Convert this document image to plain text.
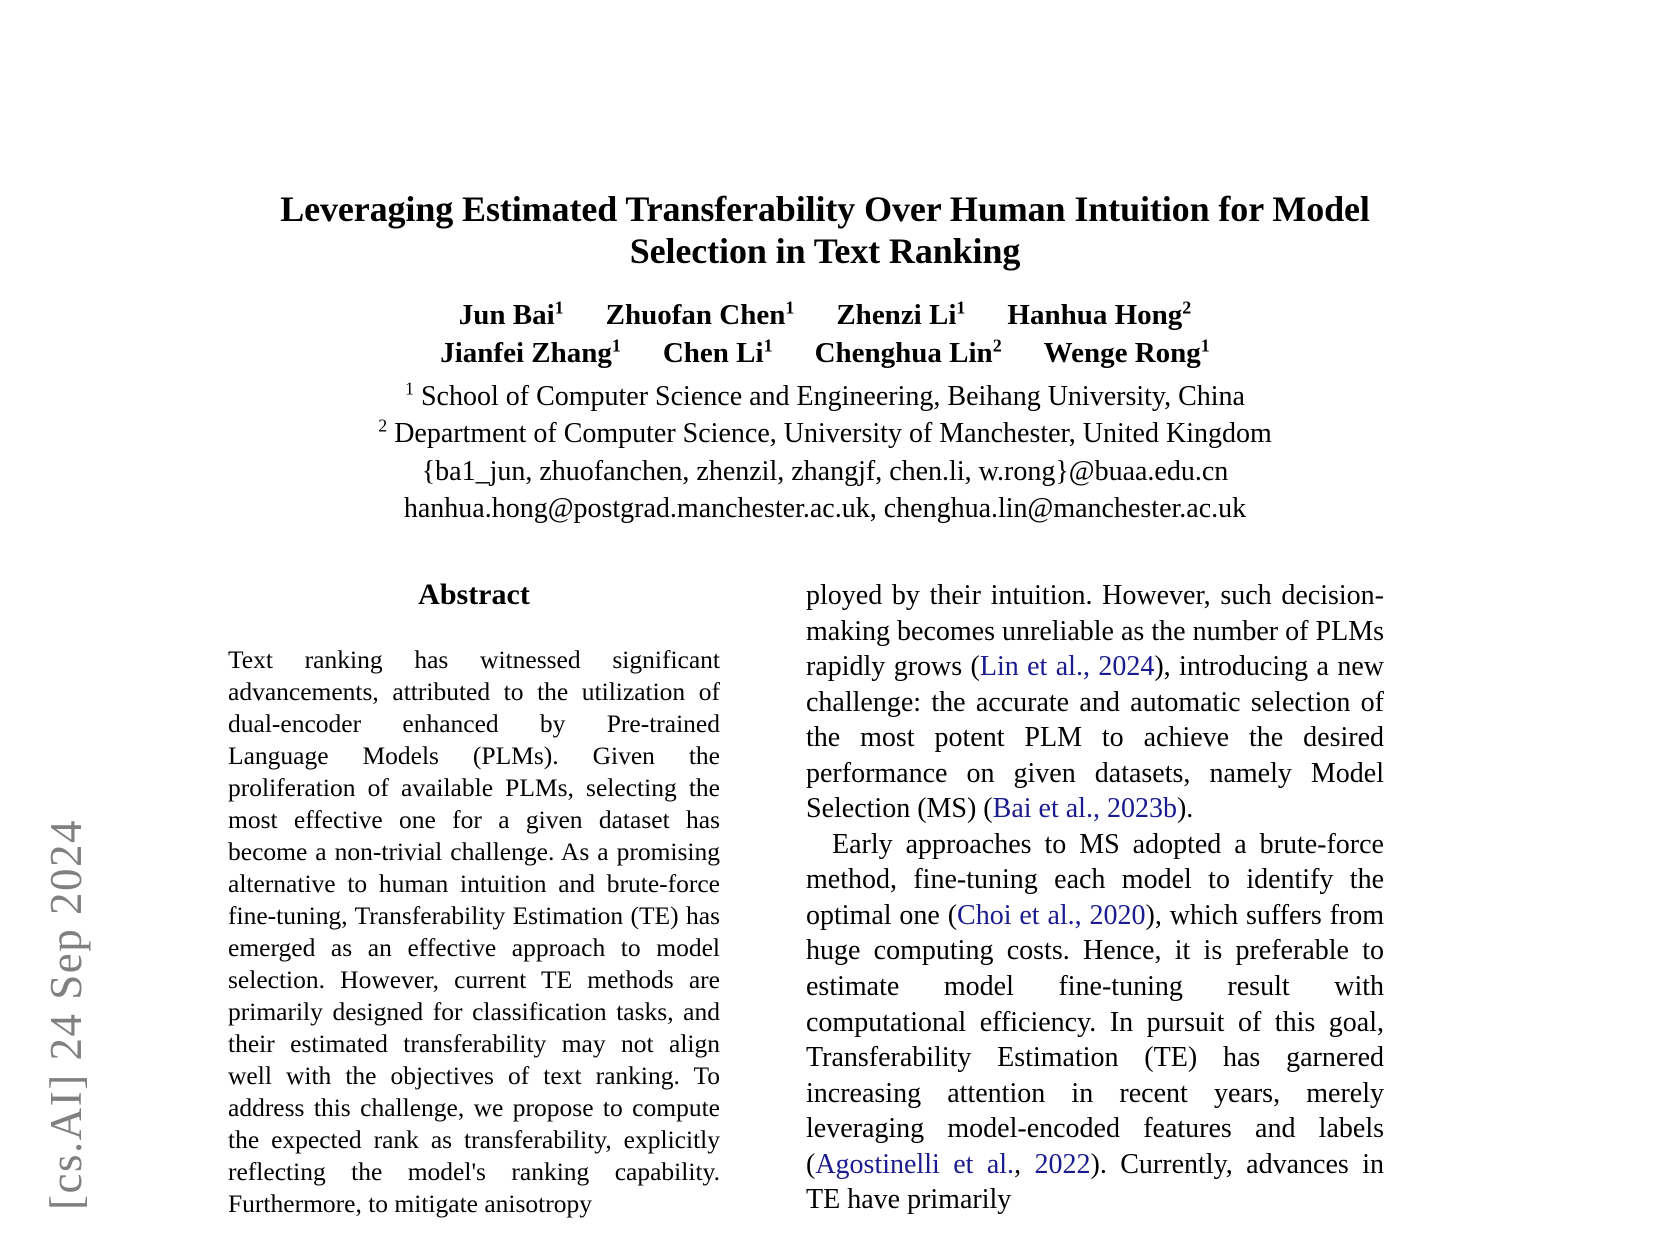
[cs.AI] 24 Sep 2024
Leveraging Estimated Transferability Over Human Intuition for Model Selection in Text Ranking
Jun Bai$^1$ Zhuofan Chen$^1$ Zhenzi Li$^1$ Hanhua Hong$^2$
Jianfei Zhang$^1$ Chen Li$^1$ Chenghua Lin$^2$ Wenge Rong$^1$
$^1$ School of Computer Science and Engineering, Beihang University, China
$^2$ Department of Computer Science, University of Manchester, United Kingdom
{ba1_jun, zhuofanchen, zhenzil, zhangjf, chen.li, w.rong}@buaa.edu.cn
hanhua.hong@postgrad.manchester.ac.uk, chenghua.lin@manchester.ac.uk
Abstract

Text ranking has witnessed significant advancements, attributed to the utilization of dual-encoder enhanced by Pre-trained Language Models (PLMs). Given the proliferation of available PLMs, selecting the most effective one for a given dataset has become a non-trivial challenge. As a promising alternative to human intuition and brute-force fine-tuning, Transferability Estimation (TE) has emerged as an effective approach to model selection. However, current TE methods are primarily designed for classification tasks, and their estimated transferability may not align well with the objectives of text ranking. To address this challenge, we propose to compute the expected rank as transferability, explicitly reflecting the model's ranking capability. Furthermore, to mitigate anisotropy

ployed by their intuition. However, such decision-making becomes unreliable as the number of PLMs rapidly grows (Lin et al., 2024), introducing a new challenge: the accurate and automatic selection of the most potent PLM to achieve the desired performance on given datasets, namely Model Selection (MS) (Bai et al., 2023b).

Early approaches to MS adopted a brute-force method, fine-tuning each model to identify the optimal one (Choi et al., 2020), which suffers from huge computing costs. Hence, it is preferable to estimate model fine-tuning result with computational efficiency. In pursuit of this goal, Transferability Estimation (TE) has garnered increasing attention in recent years, merely leveraging model-encoded features and labels (Agostinelli et al., 2022). Currently, advances in TE have primarily
